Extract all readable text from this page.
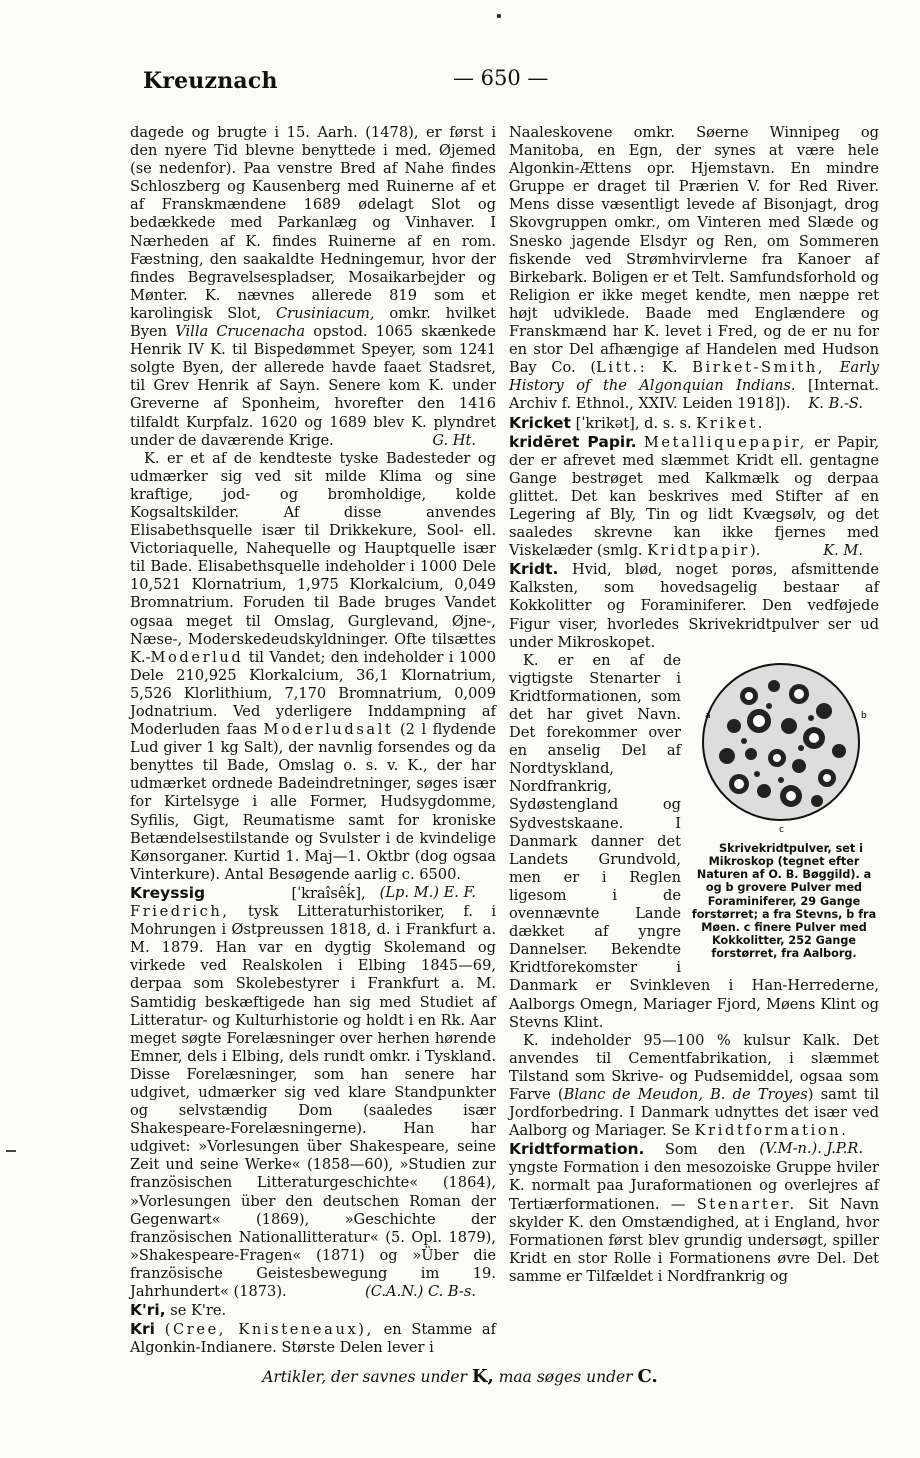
Kreuznach	— 650 —

dagede og brugte i 15. Aarh. (1478), er først i den nyere Tid blevne benyttede i med. Øjemed (se nedenfor). Paa venstre Bred af Nahe findes Schloszberg og Kausenberg med Ruinerne af et af Franskmændene 1689 ødelagt Slot og bedækkede med Parkanlæg og Vinhaver. I Nærheden af K. findes Ruinerne af en rom. Fæstning, den saakaldte Hedningemur, hvor der findes Begravelsespladser, Mosaikarbejder og Mønter. K. nævnes allerede 819 som et karolingisk Slot, Crusiniacum, omkr. hvilket Byen Villa Crucenacha opstod. 1065 skænkede Henrik IV K. til Bispedømmet Speyer, som 1241 solgte Byen, der allerede havde faaet Stadsret, til Grev Henrik af Sayn. Senere kom K. under Greverne af Sponheim, hvorefter den 1416 tilfaldt Kurpfalz. 1620 og 1689 blev K. plyndret under de daværende Krige.	G. Ht.

K. er et af de kendteste tyske Badesteder og udmærker sig ved sit milde Klima og sine kraftige, jod- og bromholdige, kolde Kogsaltskilder. Af disse anvendes Elisabethsquelle især til Drikkekure, Sool- ell. Victoriaquelle, Nahequelle og Hauptquelle især til Bade. Elisabethsquelle indeholder i 1000 Dele 10,521 Klornatrium, 1,975 Klorkalcium, 0,049 Bromnatrium. Foruden til Bade bruges Vandet ogsaa meget til Omslag, Gurglevand, Øjne-, Næse-, Moderskedeudskyldninger. Ofte tilsættes K.-Moderlud til Vandet; den indeholder i 1000 Dele 210,925 Klorkalcium, 36,1 Klornatrium, 5,526 Klorlithium, 7,170 Bromnatrium, 0,009 Jodnatrium. Ved yderligere Inddampning af Moderluden faas Moderludsalt (2 l flydende Lud giver 1 kg Salt), der navnlig forsendes og da benyttes til Bade, Omslag o. s. v. K., der har udmærket ordnede Badeindretninger, søges især for Kirtelsyge i alle Former, Hudsygdomme, Syfilis, Gigt, Reumatisme samt for kroniske Betændelsestilstande og Svulster i de kvindelige Kønsorganer. Kurtid 1. Maj—1. Oktbr (dog ogsaa Vinterkure). Antal Besøgende aarlig c. 6500.
(Lp. M.) E. F.

Kreyssig [ˈkraîsêḱ], Friedrich, tysk Litteraturhistoriker, f. i Mohrungen i Østpreussen 1818, d. i Frankfurt a. M. 1879. Han var en dygtig Skolemand og virkede ved Realskolen i Elbing 1845—69, derpaa som Skolebestyrer i Frankfurt a. M. Samtidig beskæftigede han sig med Studiet af Litteratur- og Kulturhistorie og holdt i en Rk. Aar meget søgte Forelæsninger over herhen hørende Emner, dels i Elbing, dels rundt omkr. i Tyskland. Disse Forelæsninger, som han senere har udgivet, udmærker sig ved klare Standpunkter og selvstændig Dom (saaledes især Shakespeare-Forelæsningerne). Han har udgivet: »Vorlesungen über Shakespeare, seine Zeit und seine Werke« (1858—60), »Studien zur französischen Litteraturgeschichte« (1864), »Vorlesungen über den deutschen Roman der Gegenwart« (1869), »Geschichte der französischen Nationallitteratur« (5. Opl. 1879), »Shakespeare-Fragen« (1871) og »Über die französische Geistesbewegung im 19. Jahrhundert« (1873).	(C.A.N.) C. B-s.

K'ri, se K're.

Kri (Cree, Knisteneaux), en Stamme af Algonkin-Indianere. Største Delen lever i

Naaleskovene omkr. Søerne Winnipeg og Manitoba, en Egn, der synes at være hele Algonkin-Ættens opr. Hjemstavn. En mindre Gruppe er draget til Prærien V. for Red River. Mens disse væsentligt levede af Bisonjagt, drog Skovgruppen omkr., om Vinteren med Slæde og Snesko jagende Elsdyr og Ren, om Sommeren fiskende ved Strømhvirvlerne fra Kanoer af Birkebark. Boligen er et Telt. Samfundsforhold og Religion er ikke meget kendte, men næppe ret højt udviklede. Baade med Englændere og Franskmænd har K. levet i Fred, og de er nu for en stor Del afhængige af Handelen med Hudson Bay Co. (Litt.: K. Birket-Smith, Early History of the Algonquian Indians. [Internat. Archiv f. Ethnol., XXIV. Leiden 1918]). K. B.-S.

Kricket [ˈkrikət], d. s. s. Kriket.

kridēret Papir. Metalliquepapir, er Papir, der er afrevet med slæmmet Kridt ell. gentagne Gange bestrøget med Kalkmælk og derpaa glittet. Det kan beskrives med Stifter af en Legering af Bly, Tin og lidt Kvægsølv, og det saaledes skrevne kan ikke fjernes med Viskelæder (smlg. Kridtpapir).	K. M.

Kridt. Hvid, blød, noget porøs, afsmittende Kalksten, som hovedsagelig bestaar af Kokkolitter og Foraminiferer. Den vedføjede Figur viser, hvorledes Skrivekridtpulver ser ud under Mikroskopet.

a	b
c
Skrivekridtpulver, set i Mikroskop (tegnet efter Naturen af O. B. Bøggild). a og b grovere Pulver med Foraminiferer, 29 Gange forstørret; a fra Stevns, b fra Møen. c finere Pulver med Kokkolitter, 252 Gange forstørret, fra Aalborg.
K. er en af de vigtigste Stenarter i Kridtformationen, som det har givet Navn. Det forekommer over en anselig Del af Nordtyskland, Nordfrankrig, Sydøstengland og Sydvestskaane. I Danmark danner det Landets Grundvold, men er i Reglen ligesom i de ovennævnte Lande dækket af yngre Dannelser. Bekendte Kridtforekomster i Danmark er Svinkleven i Han-Herrederne, Aalborgs Omegn, Mariager Fjord, Møens Klint og Stevns Klint.

K. indeholder 95—100 % kulsur Kalk. Det anvendes til Cementfabrikation, i slæmmet Tilstand som Skrive- og Pudsemiddel, ogsaa som Farve (Blanc de Meudon, B. de Troyes) samt til Jordforbedring. I Danmark udnyttes det især ved Aalborg og Mariager. Se Kridtformation.
(V.M-n.). J.P.R.

Kridtformation. Som den yngste Formation i den mesozoiske Gruppe hviler K. normalt paa Juraformationen og overlejres af Tertiærformationen. — Stenarter. Sit Navn skylder K. den Omstændighed, at i England, hvor Formationen først blev grundig undersøgt, spiller Kridt en stor Rolle i Formationens øvre Del. Det samme er Tilfældet i Nordfrankrig og

Artikler, der savnes under K, maa søges under C.
